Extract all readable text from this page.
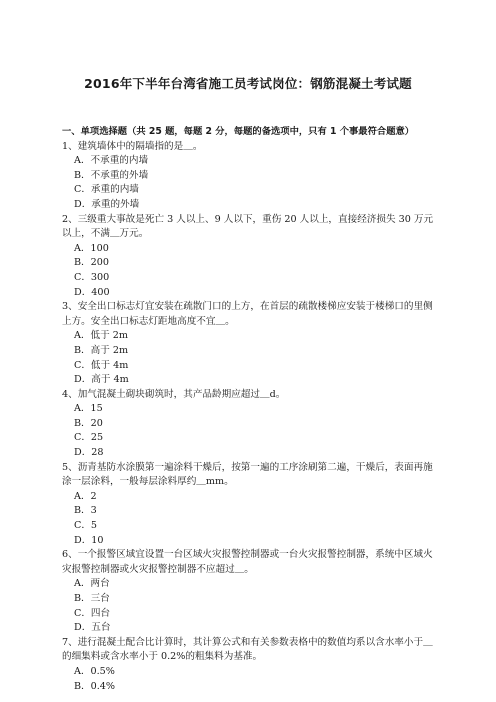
2016年下半年台湾省施工员考试岗位：钢筋混凝土考试题
一、单项选择题（共 25 题，每题 2 分，每题的备选项中，只有 1 个事最符合题意）
1、建筑墙体中的隔墙指的是＿。
A．不承重的内墙
B．不承重的外墙
C．承重的内墙
D．承重的外墙
2、三级重大事故是死亡 3 人以上、9 人以下，重伤 20 人以上，直接经济损失 30 万元以上，不满＿万元。
A．100
B．200
C．300
D．400
3、安全出口标志灯宜安装在疏散门口的上方，在首层的疏散楼梯应安装于楼梯口的里侧上方。安全出口标志灯距地高度不宜＿。
A．低于 2m
B．高于 2m
C．低于 4m
D．高于 4m
4、加气混凝土砌块砌筑时，其产品龄期应超过＿d。
A．15
B．20
C．25
D．28
5、沥青基防水涂膜第一遍涂料干燥后，按第一遍的工序涂刷第二遍，干燥后，表面再施涂一层涂料，一般每层涂料厚约＿mm。
A．2
B．3
C．5
D．10
6、一个报警区域宜设置一台区域火灾报警控制器或一台火灾报警控制器，系统中区域火灾报警控制器或火灾报警控制器不应超过＿。
A．两台
B．三台
C．四台
D．五台
7、进行混凝土配合比计算时，其计算公式和有关参数表格中的数值均系以含水率小于＿的细集料或含水率小于 0.2%的粗集料为基准。
A．0.5%
B．0.4%
